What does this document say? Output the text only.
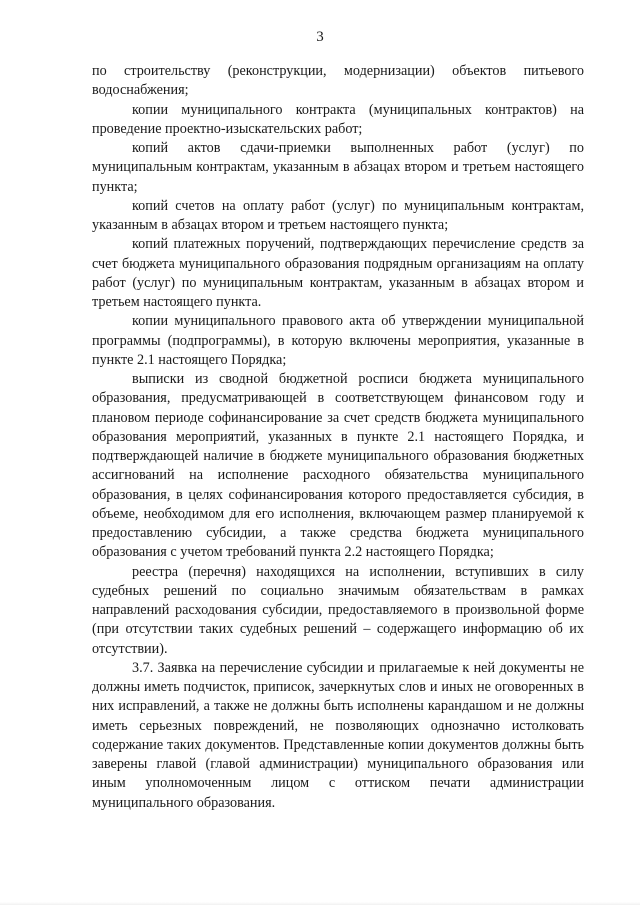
3

по строительству (реконструкции, модернизации) объектов питьевого водоснабжения;

копии муниципального контракта (муниципальных контрактов) на проведение проектно-изыскательских работ;

копий актов сдачи-приемки выполненных работ (услуг) по муниципальным контрактам, указанным в абзацах втором и третьем настоящего пункта;

копий счетов на оплату работ (услуг) по муниципальным контрактам, указанным в абзацах втором и третьем настоящего пункта;

копий платежных поручений, подтверждающих перечисление средств за счет бюджета муниципального образования подрядным организациям на оплату работ (услуг) по муниципальным контрактам, указанным в абзацах втором и третьем настоящего пункта.

копии муниципального правового акта об утверждении муниципальной программы (подпрограммы), в которую включены мероприятия, указанные в пункте 2.1 настоящего Порядка;

выписки из сводной бюджетной росписи бюджета муниципального образования, предусматривающей в соответствующем финансовом году и плановом периоде софинансирование за счет средств бюджета муниципального образования мероприятий, указанных в пункте 2.1 настоящего Порядка, и подтверждающей наличие в бюджете муниципального образования бюджетных ассигнований на исполнение расходного обязательства муниципального образования, в целях софинансирования которого предоставляется субсидия, в объеме, необходимом для его исполнения, включающем размер планируемой к предоставлению субсидии, а также средства бюджета муниципального образования с учетом требований пункта 2.2 настоящего Порядка;

реестра (перечня) находящихся на исполнении, вступивших в силу судебных решений по социально значимым обязательствам в рамках направлений расходования субсидии, предоставляемого в произвольной форме (при отсутствии таких судебных решений – содержащего информацию об их отсутствии).

3.7. Заявка на перечисление субсидии и прилагаемые к ней документы не должны иметь подчисток, приписок, зачеркнутых слов и иных не оговоренных в них исправлений, а также не должны быть исполнены карандашом и не должны иметь серьезных повреждений, не позволяющих однозначно истолковать содержание таких документов. Представленные копии документов должны быть заверены главой (главой администрации) муниципального образования или иным уполномоченным лицом с оттиском печати администрации муниципального образования.
